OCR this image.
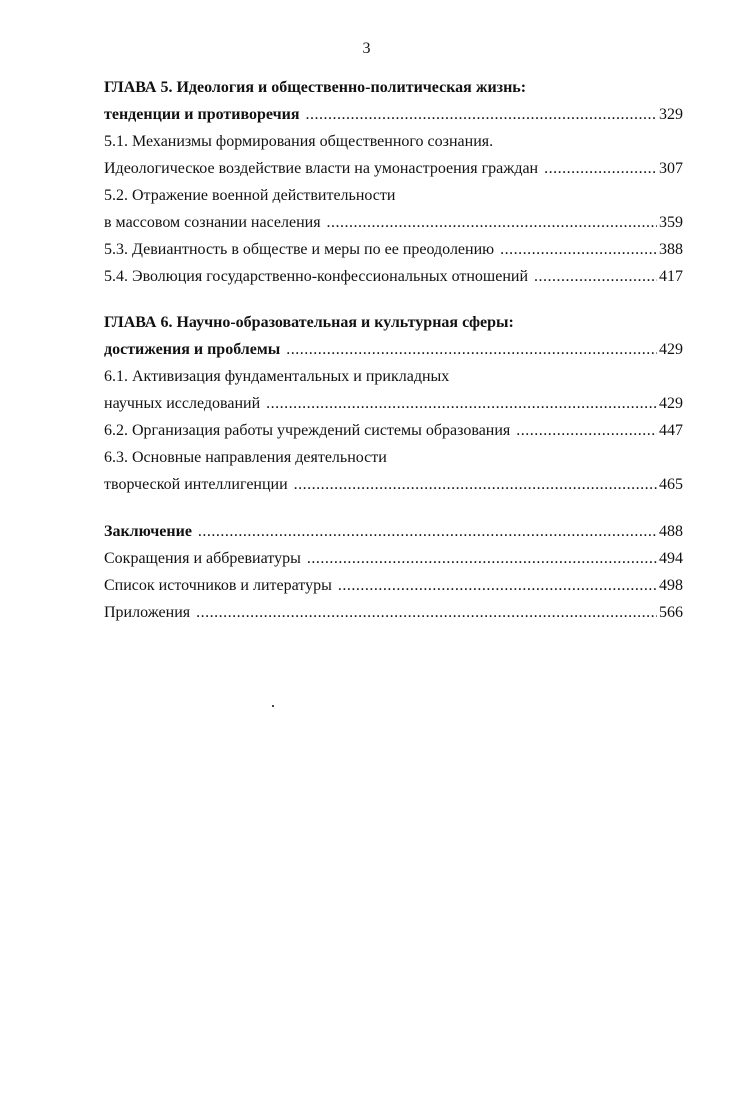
3
ГЛАВА 5. Идеология и общественно-политическая жизнь:
тенденции и противоречия .....	329
5.1. Механизмы формирования общественного сознания.
Идеологическое воздействие власти на умонастроения граждан .....	307
5.2. Отражение военной действительности
в массовом сознании населения .....	359
5.3. Девиантность в обществе и меры по ее преодолению .....	388
5.4. Эволюция государственно-конфессиональных отношений .....	417
ГЛАВА 6. Научно-образовательная и культурная сферы:
достижения и проблемы .....	429
6.1. Активизация фундаментальных и прикладных
научных исследований .....	429
6.2. Организация работы учреждений системы образования .....	447
6.3. Основные направления деятельности
творческой интеллигенции .....	465
Заключение .....	488
Сокращения и аббревиатуры .....	494
Список источников и литературы .....	498
Приложения .....	566
